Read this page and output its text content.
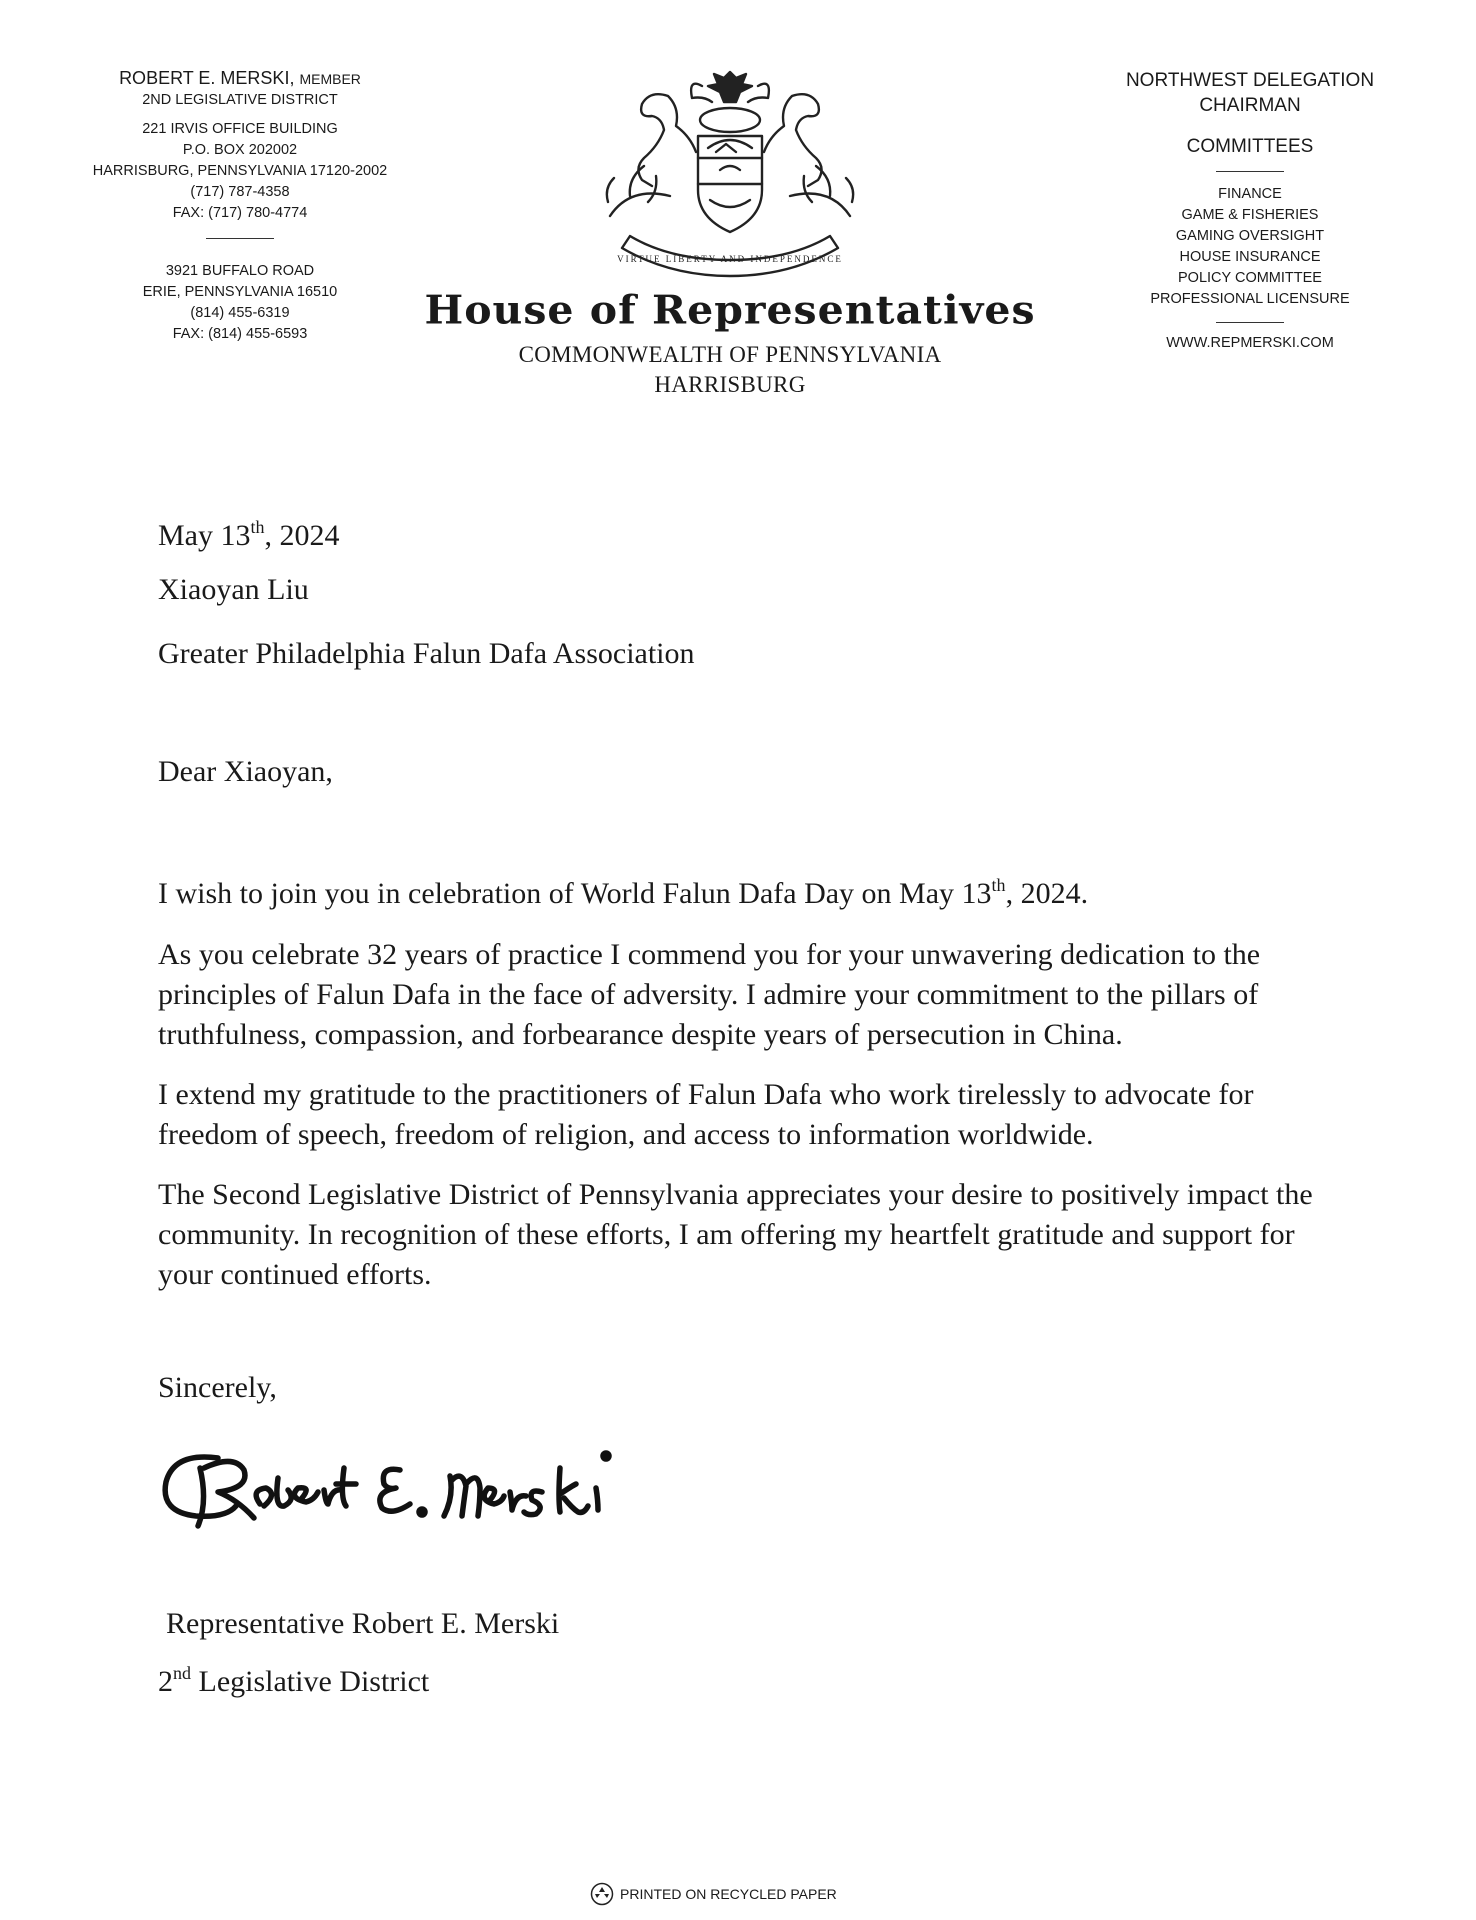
ROBERT E. MERSKI, MEMBER
2ND LEGISLATIVE DISTRICT
221 IRVIS OFFICE BUILDING
P.O. BOX 202002
HARRISBURG, PENNSYLVANIA 17120-2002
(717) 787-4358
FAX: (717) 780-4774
3921 BUFFALO ROAD
ERIE, PENNSYLVANIA 16510
(814) 455-6319
FAX: (814) 455-6593
VIRTUE LIBERTY AND INDEPENDENCE
House of Representatives
COMMONWEALTH OF PENNSYLVANIA
HARRISBURG
NORTHWEST DELEGATION
CHAIRMAN
COMMITTEES
FINANCE
GAME & FISHERIES
GAMING OVERSIGHT
HOUSE INSURANCE
POLICY COMMITTEE
PROFESSIONAL LICENSURE
WWW.REPMERSKI.COM
May 13th, 2024
Xiaoyan Liu
Greater Philadelphia Falun Dafa Association
Dear Xiaoyan,
I wish to join you in celebration of World Falun Dafa Day on May 13th, 2024.
As you celebrate 32 years of practice I commend you for your unwavering dedication to the principles of Falun Dafa in the face of adversity. I admire your commitment to the pillars of truthfulness, compassion, and forbearance despite years of persecution in China.
I extend my gratitude to the practitioners of Falun Dafa who work tirelessly to advocate for freedom of speech, freedom of religion, and access to information worldwide.
The Second Legislative District of Pennsylvania appreciates your desire to positively impact the community. In recognition of these efforts, I am offering my heartfelt gratitude and support for your continued efforts.
Sincerely,
Representative Robert E. Merski
2nd Legislative District
PRINTED ON RECYCLED PAPER
